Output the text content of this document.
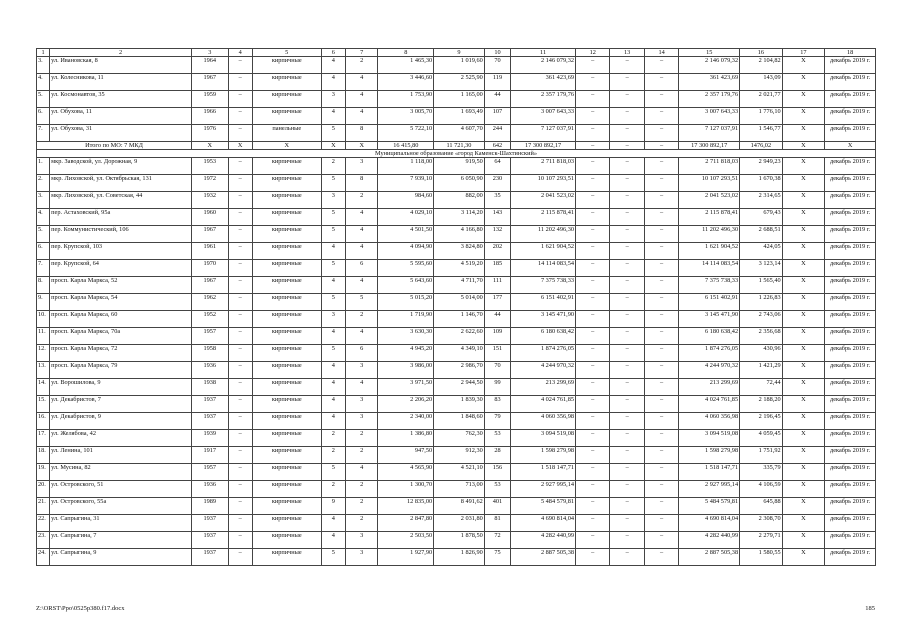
1	2	3	4	5	6	7	8	9	10	11	12	13	14	15	16	17	18
3.	ул. Ивановская, 8	1964	–	кирпичные	4	2	1 465,30	1 019,60	70	2 146 079,32	–	–	–	2 146 079,32	2 104,82	X	декабрь 2019 г.
4.	ул. Колесникова, 11	1967	–	кирпичные	4	4	3 446,60	2 525,90	119	361 423,69	–	–	–	361 423,69	143,09	X	декабрь 2019 г.
5.	ул. Космонавтов, 35	1959	–	кирпичные	3	4	1 753,90	1 165,00	44	2 357 179,76	–	–	–	2 357 179,76	2 021,77	X	декабрь 2019 г.
6.	ул. Обухова, 11	1966	–	кирпичные	4	4	3 005,70	1 693,49	107	3 007 643,33	–	–	–	3 007 643,33	1 776,10	X	декабрь 2019 г.
7.	ул. Обухова, 31	1976	–	панельные	5	8	5 722,10	4 607,70	244	7 127 037,91	–	–	–	7 127 037,91	1 546,77	X	декабрь 2019 г.
Итого по МО: 7 МКД		X	X	X	X	X	16 415,80	11 721,30	642	17 300 892,17	–	–	–	17 300 892,17	1476,02	X	X
Муниципальное образование «город Каменск-Шахтинский»																	
1.	мкр. Заводской, ул. Дорожная, 9	1953	–	кирпичные	2	3	1 118,00	919,50	64	2 711 818,03	–	–	–	2 711 818,03	2 949,23	X	декабрь 2019 г.
2.	мкр. Лиховской, ул. Октябрьская, 131	1972	–	кирпичные	5	8	7 939,10	6 050,90	230	10 107 293,51	–	–	–	10 107 293,51	1 670,38	X	декабрь 2019 г.
3.	мкр. Лиховской, ул. Советская, 44	1932	–	кирпичные	3	2	984,60	882,00	35	2 041 523,02	–	–	–	2 041 523,02	2 314,65	X	декабрь 2019 г.
4.	пер. Астаховский, 95а	1960	–	кирпичные	5	4	4 029,10	3 114,20	143	2 115 878,41	–	–	–	2 115 878,41	679,43	X	декабрь 2019 г.
5.	пер. Коммунистический, 106	1967	–	кирпичные	5	4	4 501,50	4 166,80	132	11 202 496,30	–	–	–	11 202 496,30	2 688,51	X	декабрь 2019 г.
6.	пер. Крупской, 103	1961	–	кирпичные	4	4	4 094,90	3 824,80	202	1 621 904,52	–	–	–	1 621 904,52	424,05	X	декабрь 2019 г.
7.	пер. Крупской, 64	1970	–	кирпичные	5	6	5 595,60	4 519,20	185	14 114 083,54	–	–	–	14 114 083,54	3 123,14	X	декабрь 2019 г.
8.	просп. Карла Маркса, 52	1967	–	кирпичные	4	4	5 643,60	4 711,70	111	7 375 738,33	–	–	–	7 375 738,33	1 565,40	X	декабрь 2019 г.
9.	просп. Карла Маркса, 54	1962	–	кирпичные	5	5	5 015,20	5 014,00	177	6 151 402,91	–	–	–	6 151 402,91	1 226,83	X	декабрь 2019 г.
10.	просп. Карла Маркса, 60	1952	–	кирпичные	3	2	1 719,90	1 146,70	44	3 145 471,90	–	–	–	3 145 471,90	2 743,06	X	декабрь 2019 г.
11.	просп. Карла Маркса, 70а	1957	–	кирпичные	4	4	3 630,30	2 622,60	109	6 180 638,42	–	–	–	6 180 638,42	2 356,68	X	декабрь 2019 г.
12.	просп. Карла Маркса, 72	1958	–	кирпичные	5	6	4 945,20	4 349,10	151	1 874 276,05	–	–	–	1 874 276,05	430,96	X	декабрь 2019 г.
13.	просп. Карла Маркса, 79	1936	–	кирпичные	4	3	3 986,00	2 986,70	70	4 244 970,32	–	–	–	4 244 970,32	1 421,29	X	декабрь 2019 г.
14.	ул. Ворошилова, 9	1938	–	кирпичные	4	4	3 971,50	2 944,50	99	213 299,69	–	–	–	213 299,69	72,44	X	декабрь 2019 г.
15.	ул. Декабристов, 7	1937	–	кирпичные	4	3	2 206,20	1 839,30	83	4 024 761,85	–	–	–	4 024 761,85	2 188,20	X	декабрь 2019 г.
16.	ул. Декабристов, 9	1937	–	кирпичные	4	3	2 340,00	1 848,60	79	4 060 356,98	–	–	–	4 060 356,98	2 196,45	X	декабрь 2019 г.
17.	ул. Желябова, 42	1939	–	кирпичные	2	2	1 386,80	762,30	53	3 094 519,08	–	–	–	3 094 519,08	4 059,45	X	декабрь 2019 г.
18.	ул. Ленина, 101	1917	–	кирпичные	2	2	947,50	912,30	28	1 598 279,98	–	–	–	1 598 279,98	1 751,92	X	декабрь 2019 г.
19.	ул. Мусина, 82	1957	–	кирпичные	5	4	4 565,90	4 521,10	156	1 518 147,71	–	–	–	1 518 147,71	335,79	X	декабрь 2019 г.
20.	ул. Островского, 51	1936	–	кирпичные	2	2	1 300,70	713,00	53	2 927 995,14	–	–	–	2 927 995,14	4 106,59	X	декабрь 2019 г.
21.	ул. Островского, 55а	1989	–	кирпичные	9	2	12 835,00	8 491,62	401	5 484 579,81	–	–	–	5 484 579,81	645,88	X	декабрь 2019 г.
22.	ул. Сапрыгина, 31	1937	–	кирпичные	4	2	2 847,80	2 031,80	81	4 690 814,04	–	–	–	4 690 814,04	2 308,70	X	декабрь 2019 г.
23.	ул. Сапрыгина, 7	1937	–	кирпичные	4	3	2 503,50	1 878,50	72	4 282 440,99	–	–	–	4 282 440,99	2 279,71	X	декабрь 2019 г.
24.	ул. Сапрыгина, 9	1937	–	кирпичные	5	3	1 927,90	1 826,90	75	2 887 505,38	–	–	–	2 887 505,38	1 580,55	X	декабрь 2019 г.
Z:\ORST\Ppo\0525p380.f17.docx	185
